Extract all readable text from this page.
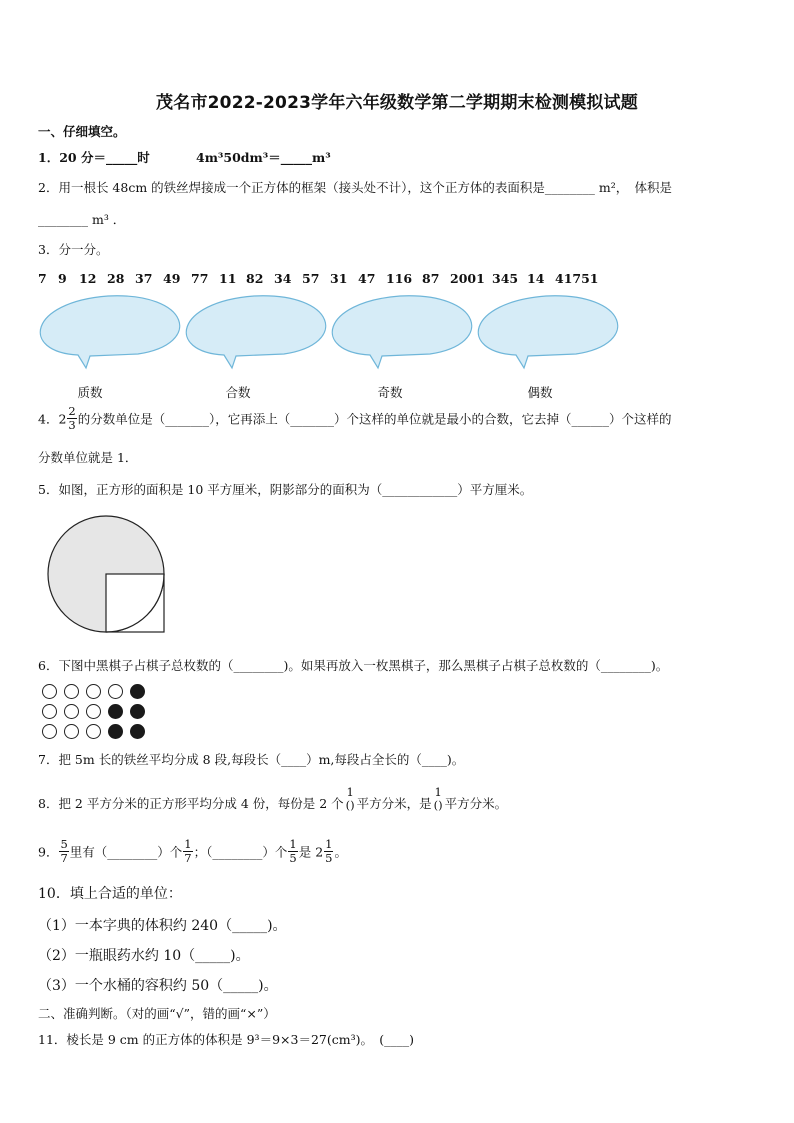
茂名市2022-2023学年六年级数学第二学期期末检测模拟试题
一、仔细填空。
1．20 分＝_____时	4m³50dm³＝_____m³
2．用一根长 48cm 的铁丝焊接成一个正方体的框架（接头处不计），这个正方体的表面积是________ m²，　体积是
________ m³ ．
3．分一分。
7 9 12 28 37 49 77 11 82 34 57 31 47 116 87 2001 345 14 41751
质数	合数	奇数	偶数
4．$2 \frac{2}{3}$ 的分数单位是（_______），它再添上（_______）个这样的单位就是最小的合数，它去掉（______）个这样的
分数单位就是 1．
5．如图，正方形的面积是 10 平方厘米，阴影部分的面积为（____________）平方厘米。
6．下图中黑棋子占棋子总枚数的（________)。如果再放入一枚黑棋子，那么黑棋子占棋子总枚数的（________)。
7．把 5m 长的铁丝平均分成 8 段,每段长（____）m,每段占全长的（____)。
8．把 2 平方分米的正方形平均分成 4 份，每份是 2 个
1
() 平方分米，是
1
() 平方分米。
9． $\frac{5}{7}$ 里有（________）个 $\frac{1}{7}$ ；（________）个 $\frac{1}{5}$ 是 $2 \frac{1}{5}$ 。
10．填上合适的单位：
（1）一本字典的体积约 240（_____)。
（2）一瓶眼药水约 10（_____)。
（3）一个水桶的容积约 50（_____)。
二、准确判断。（对的画“√”，错的画“×”）
11．棱长是 9 cm 的正方体的体积是 9³＝9×3＝27(cm³)。　(____)
